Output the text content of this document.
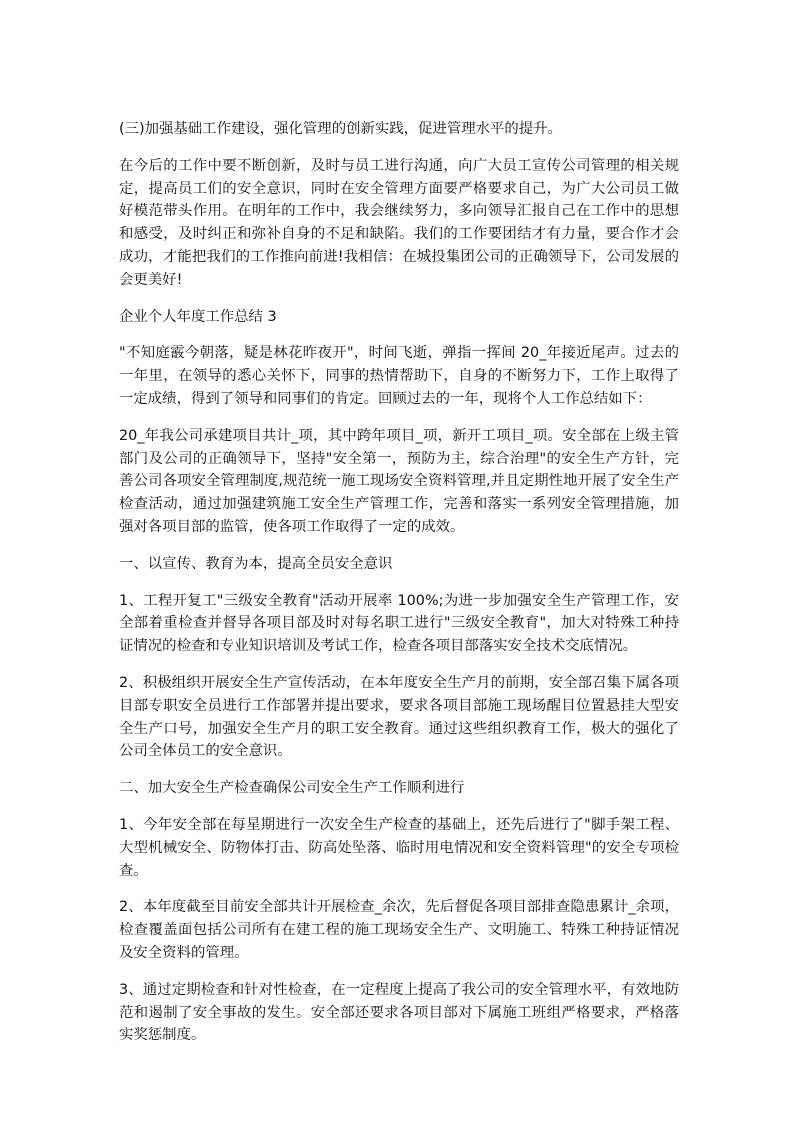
(三)加强基础工作建设，强化管理的创新实践，促进管理水平的提升。

在今后的工作中要不断创新，及时与员工进行沟通，向广大员工宣传公司管理的相关规定，提高员工们的安全意识，同时在安全管理方面要严格要求自己，为广大公司员工做好模范带头作用。在明年的工作中，我会继续努力，多向领导汇报自己在工作中的思想和感受，及时纠正和弥补自身的不足和缺陷。我们的工作要团结才有力量，要合作才会成功，才能把我们的工作推向前进!我相信：在城投集团公司的正确领导下，公司发展的会更美好!

企业个人年度工作总结 3

"不知庭霰今朝落，疑是林花昨夜开"，时间飞逝，弹指一挥间 20_年接近尾声。过去的一年里，在领导的悉心关怀下，同事的热情帮助下，自身的不断努力下，工作上取得了一定成绩，得到了领导和同事们的肯定。回顾过去的一年，现将个人工作总结如下：

20_年我公司承建项目共计_项，其中跨年项目_项，新开工项目_项。安全部在上级主管部门及公司的正确领导下，坚持"安全第一，预防为主，综合治理"的安全生产方针，完善公司各项安全管理制度,规范统一施工现场安全资料管理,并且定期性地开展了安全生产检查活动，通过加强建筑施工安全生产管理工作，完善和落实一系列安全管理措施，加强对各项目部的监管，使各项工作取得了一定的成效。

一、以宣传、教育为本，提高全员安全意识

1、工程开复工"三级安全教育"活动开展率 100%;为进一步加强安全生产管理工作，安全部着重检查并督导各项目部及时对每名职工进行"三级安全教育"，加大对特殊工种持证情况的检查和专业知识培训及考试工作，检查各项目部落实安全技术交底情况。

2、积极组织开展安全生产宣传活动，在本年度安全生产月的前期，安全部召集下属各项目部专职安全员进行工作部署并提出要求，要求各项目部施工现场醒目位置悬挂大型安全生产口号，加强安全生产月的职工安全教育。通过这些组织教育工作，极大的强化了公司全体员工的安全意识。

二、加大安全生产检查确保公司安全生产工作顺利进行

1、今年安全部在每星期进行一次安全生产检查的基础上，还先后进行了"脚手架工程、大型机械安全、防物体打击、防高处坠落、临时用电情况和安全资料管理"的安全专项检查。

2、本年度截至目前安全部共计开展检查_余次，先后督促各项目部排查隐患累计_余项，检查覆盖面包括公司所有在建工程的施工现场安全生产、文明施工、特殊工种持证情况及安全资料的管理。

3、通过定期检查和针对性检查，在一定程度上提高了我公司的安全管理水平，有效地防范和遏制了安全事故的发生。安全部还要求各项目部对下属施工班组严格要求，严格落实奖惩制度。
